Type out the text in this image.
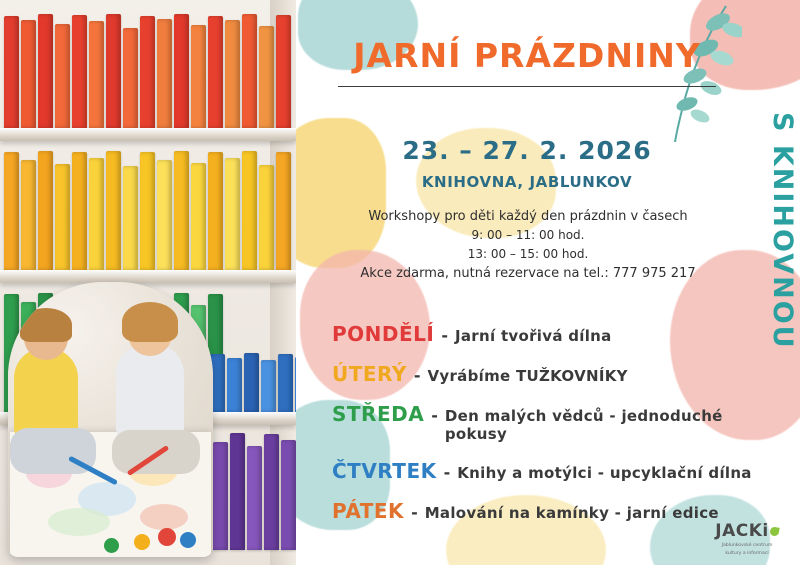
S KNIHOVNOU
JARNÍ PRÁZDNINY
23. – 27. 2. 2026
KNIHOVNA, JABLUNKOV
Workshopy pro děti každý den prázdnin v časech
9: 00 – 11: 00 hod.
13: 00 – 15: 00 hod.
Akce zdarma, nutná rezervace na tel.: 777 975 217
PONDĚLÍ - Jarní tvořivá dílna
ÚTERÝ - Vyrábíme TUŽKOVNÍKY
STŘEDA - Den malých vědců - jednoduché pokusy
ČTVRTEK - Knihy a motýlci - upcyklační dílna
PÁTEK - Malování na kamínky - jarní edice
JACKi
Jablunkovské centrum
kultury a informací
